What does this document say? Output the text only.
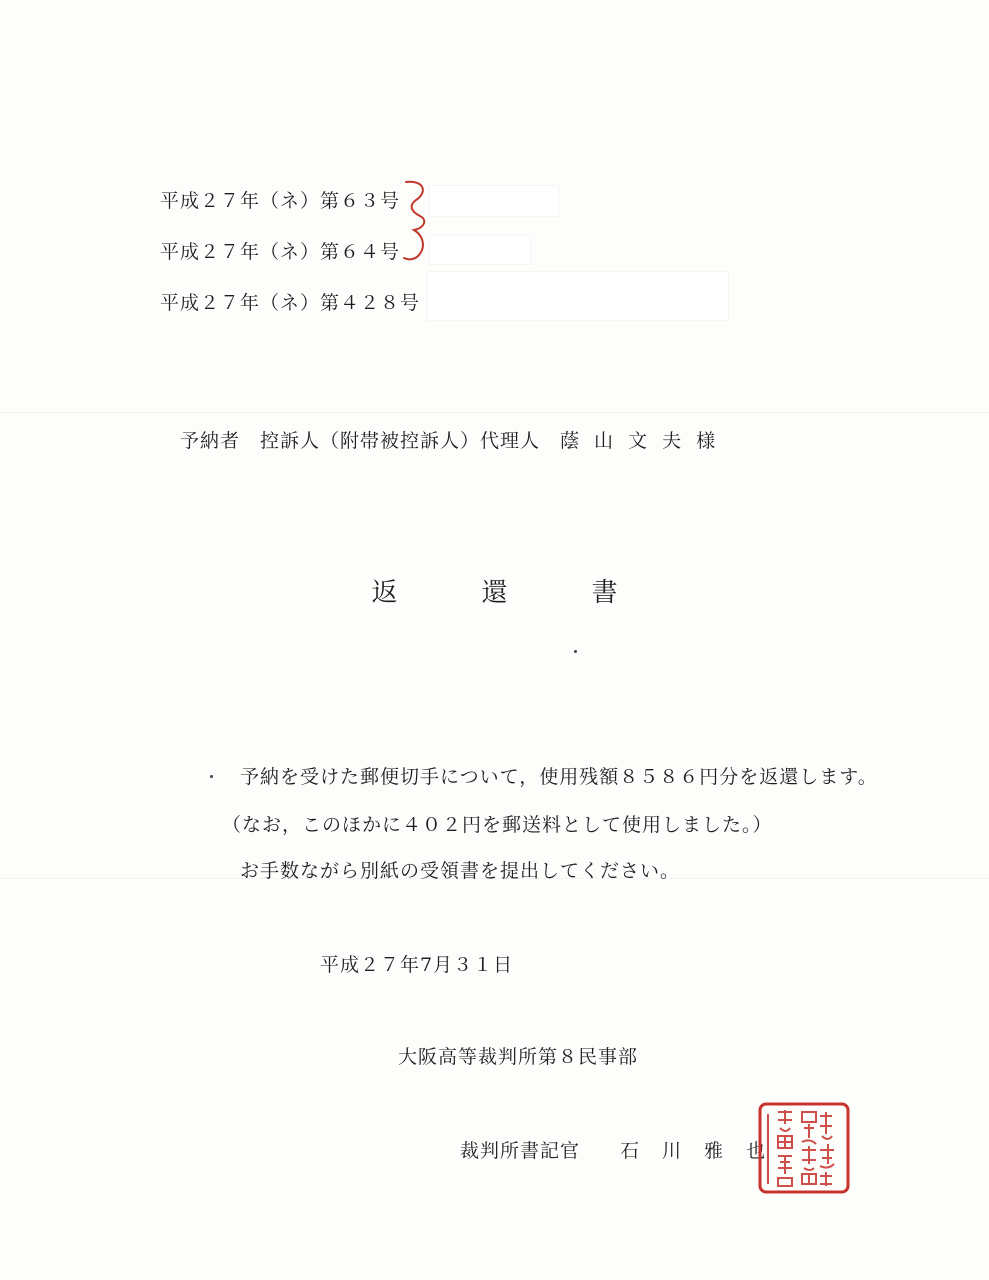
平成２７年（ネ）第６３号
平成２７年（ネ）第６４号
平成２７年（ネ）第４２８号
予納者　控訴人（附帯被控訴人）代理人 蔭 山 文 夫 様
返	還	書
予納を受けた郵便切手について，使用残額８５８６円分を返還します。
（なお，このほかに４０２円を郵送料として使用しました。）
お手数ながら別紙の受領書を提出してください。
平成２７年7月３１日
大阪高等裁判所第８民事部
裁判所書記官 石 川 雅 也
